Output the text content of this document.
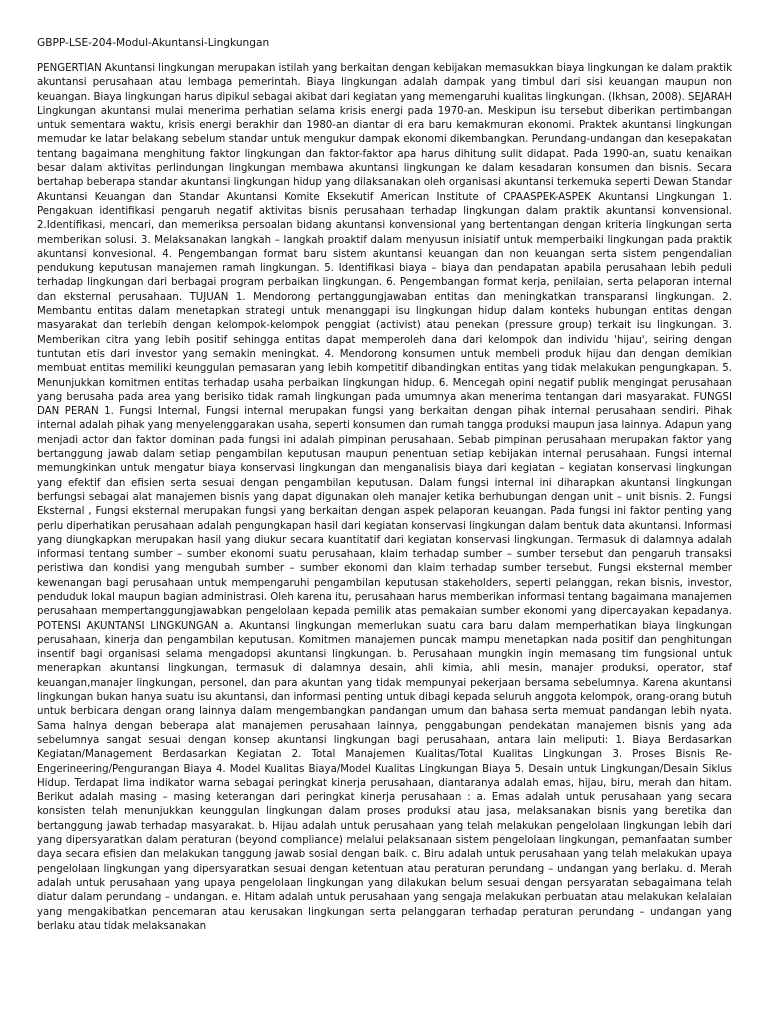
GBPP-LSE-204-Modul-Akuntansi-Lingkungan

PENGERTIAN Akuntansi lingkungan merupakan istilah yang berkaitan dengan kebijakan memasukkan biaya lingkungan ke dalam praktik akuntansi perusahaan atau lembaga pemerintah. Biaya lingkungan adalah dampak yang timbul dari sisi keuangan maupun non keuangan. Biaya lingkungan harus dipikul sebagai akibat dari kegiatan yang memengaruhi kualitas lingkungan. (Ikhsan, 2008). SEJARAH Lingkungan akuntansi mulai menerima perhatian selama krisis energi pada 1970-an. Meskipun isu tersebut diberikan pertimbangan untuk sementara waktu, krisis energi berakhir dan 1980-an diantar di era baru kemakmuran ekonomi. Praktek akuntansi lingkungan memudar ke latar belakang sebelum standar untuk mengukur dampak ekonomi dikembangkan. Perundang-undangan dan kesepakatan tentang bagaimana menghitung faktor lingkungan dan faktor-faktor apa harus dihitung sulit didapat. Pada 1990-an, suatu kenaikan besar dalam aktivitas perlindungan lingkungan membawa akuntansi lingkungan ke dalam kesadaran konsumen dan bisnis. Secara bertahap beberapa standar akuntansi lingkungan hidup yang dilaksanakan oleh organisasi akuntansi terkemuka seperti Dewan Standar Akuntansi Keuangan dan Standar Akuntansi Komite Eksekutif American Institute of CPAASPEK-ASPEK Akuntansi Lingkungan 1. Pengakuan identifikasi pengaruh negatif aktivitas bisnis perusahaan terhadap lingkungan dalam praktik akuntansi konvensional. 2.Identifikasi, mencari, dan memeriksa persoalan bidang akuntansi konvensional yang bertentangan dengan kriteria lingkungan serta memberikan solusi. 3. Melaksanakan langkah – langkah proaktif dalam menyusun inisiatif untuk memperbaiki lingkungan pada praktik akuntansi konvesional. 4. Pengembangan format baru sistem akuntansi keuangan dan non keuangan serta sistem pengendalian pendukung keputusan manajemen ramah lingkungan. 5. Identifikasi biaya – biaya dan pendapatan apabila perusahaan lebih peduli terhadap lingkungan dari berbagai program perbaikan lingkungan. 6. Pengembangan format kerja, penilaian, serta pelaporan internal dan eksternal perusahaan. TUJUAN 1. Mendorong pertanggungjawaban entitas dan meningkatkan transparansi lingkungan. 2. Membantu entitas dalam menetapkan strategi untuk menanggapi isu lingkungan hidup dalam konteks hubungan entitas dengan masyarakat dan terlebih dengan kelompok-kelompok penggiat (activist) atau penekan (pressure group) terkait isu lingkungan. 3. Memberikan citra yang lebih positif sehingga entitas dapat memperoleh dana dari kelompok dan individu 'hijau', seiring dengan tuntutan etis dari investor yang semakin meningkat. 4. Mendorong konsumen untuk membeli produk hijau dan dengan demikian membuat entitas memiliki keunggulan pemasaran yang lebih kompetitif dibandingkan entitas yang tidak melakukan pengungkapan. 5. Menunjukkan komitmen entitas terhadap usaha perbaikan lingkungan hidup. 6. Mencegah opini negatif publik mengingat perusahaan yang berusaha pada area yang berisiko tidak ramah lingkungan pada umumnya akan menerima tentangan dari masyarakat. FUNGSI DAN PERAN 1. Fungsi Internal, Fungsi internal merupakan fungsi yang berkaitan dengan pihak internal perusahaan sendiri. Pihak internal adalah pihak yang menyelenggarakan usaha, seperti konsumen dan rumah tangga produksi maupun jasa lainnya. Adapun yang menjadi actor dan faktor dominan pada fungsi ini adalah pimpinan perusahaan. Sebab pimpinan perusahaan merupakan faktor yang bertanggung jawab dalam setiap pengambilan keputusan maupun penentuan setiap kebijakan internal perusahaan. Fungsi internal memungkinkan untuk mengatur biaya konservasi lingkungan dan menganalisis biaya dari kegiatan – kegiatan konservasi lingkungan yang efektif dan efisien serta sesuai dengan pengambilan keputusan. Dalam fungsi internal ini diharapkan akuntansi lingkungan berfungsi sebagai alat manajemen bisnis yang dapat digunakan oleh manajer ketika berhubungan dengan unit – unit bisnis. 2. Fungsi Eksternal , Fungsi eksternal merupakan fungsi yang berkaitan dengan aspek pelaporan keuangan. Pada fungsi ini faktor penting yang perlu diperhatikan perusahaan adalah pengungkapan hasil dari kegiatan konservasi lingkungan dalam bentuk data akuntansi. Informasi yang diungkapkan merupakan hasil yang diukur secara kuantitatif dari kegiatan konservasi lingkungan. Termasuk di dalamnya adalah informasi tentang sumber – sumber ekonomi suatu perusahaan, klaim terhadap sumber – sumber tersebut dan pengaruh transaksi peristiwa dan kondisi yang mengubah sumber – sumber ekonomi dan klaim terhadap sumber tersebut. Fungsi eksternal member kewenangan bagi perusahaan untuk mempengaruhi pengambilan keputusan stakeholders, seperti pelanggan, rekan bisnis, investor, penduduk lokal maupun bagian administrasi. Oleh karena itu, perusahaan harus memberikan informasi tentang bagaimana manajemen perusahaan mempertanggungjawabkan pengelolaan kepada pemilik atas pemakaian sumber ekonomi yang dipercayakan kepadanya. POTENSI AKUNTANSI LINGKUNGAN a. Akuntansi lingkungan memerlukan suatu cara baru dalam memperhatikan biaya lingkungan perusahaan, kinerja dan pengambilan keputusan. Komitmen manajemen puncak mampu menetapkan nada positif dan penghitungan insentif bagi organisasi selama mengadopsi akuntansi lingkungan. b. Perusahaan mungkin ingin memasang tim fungsional untuk menerapkan akuntansi lingkungan, termasuk di dalamnya desain, ahli kimia, ahli mesin, manajer produksi, operator, staf keuangan,manajer lingkungan, personel, dan para akuntan yang tidak mempunyai pekerjaan bersama sebelumnya. Karena akuntansi lingkungan bukan hanya suatu isu akuntansi, dan informasi penting untuk dibagi kepada seluruh anggota kelompok, orang-orang butuh untuk berbicara dengan orang lainnya dalam mengembangkan pandangan umum dan bahasa serta memuat pandangan lebih nyata. Sama halnya dengan beberapa alat manajemen perusahaan lainnya, penggabungan pendekatan manajemen bisnis yang ada sebelumnya sangat sesuai dengan konsep akuntansi lingkungan bagi perusahaan, antara lain meliputi: 1. Biaya Berdasarkan Kegiatan/Management Berdasarkan Kegiatan 2. Total Manajemen Kualitas/Total Kualitas Lingkungan 3. Proses Bisnis Re-Engerineering/Pengurangan Biaya 4. Model Kualitas Biaya/Model Kualitas Lingkungan Biaya 5. Desain untuk Lingkungan/Desain Siklus Hidup. Terdapat lima indikator warna sebagai peringkat kinerja perusahaan, diantaranya adalah emas, hijau, biru, merah dan hitam. Berikut adalah masing – masing keterangan dari peringkat kinerja perusahaan : a. Emas adalah untuk perusahaan yang secara konsisten telah menunjukkan keunggulan lingkungan dalam proses produksi atau jasa, melaksanakan bisnis yang beretika dan bertanggung jawab terhadap masyarakat. b. Hijau adalah untuk perusahaan yang telah melakukan pengelolaan lingkungan lebih dari yang dipersyaratkan dalam peraturan (beyond compliance) melalui pelaksanaan sistem pengelolaan lingkungan, pemanfaatan sumber daya secara efisien dan melakukan tanggung jawab sosial dengan baik. c. Biru adalah untuk perusahaan yang telah melakukan upaya pengelolaan lingkungan yang dipersyaratkan sesuai dengan ketentuan atau peraturan perundang – undangan yang berlaku. d. Merah adalah untuk perusahaan yang upaya pengelolaan lingkungan yang dilakukan belum sesuai dengan persyaratan sebagaimana telah diatur dalam perundang – undangan. e. Hitam adalah untuk perusahaan yang sengaja melakukan perbuatan atau melakukan kelalaian yang mengakibatkan pencemaran atau kerusakan lingkungan serta pelanggaran terhadap peraturan perundang – undangan yang berlaku atau tidak melaksanakan
